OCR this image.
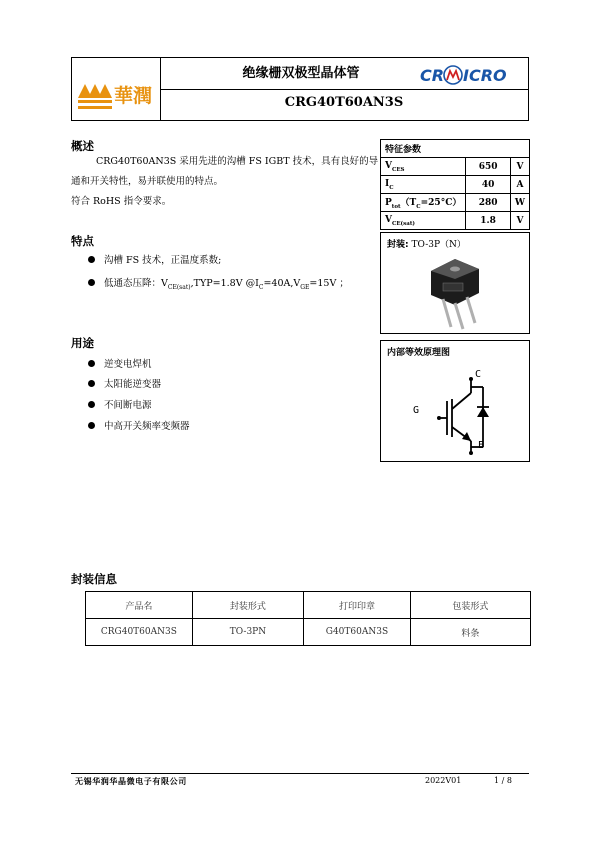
華潤
绝缘栅双极型晶体管	CR ICRO
CRG40T60AN3S
概述
CRG40T60AN3S 采用先进的沟槽 FS IGBT 技术，具有良好的导
通和开关特性，易并联使用的特点。
符合 RoHS 指令要求。
特点
沟槽 FS 技术，正温度系数;
低通态压降：$V_{CE(sat)},TYP=1.8V$ $@I_C=40A,V_{GE}=15V$ ；
用途
逆变电焊机
太阳能逆变器
不间断电源
中高开关频率变频器
特征参数		
$V_{CES}$	650	V
$I_C$	40	A
$P_{tot}(T_C=25^\circ C)$	280	W
$V_{CE(sat)}$	1.8	V
封装: TO-3P（N）
内部等效原理图
C
G
E
封装信息
产品名	封装形式	打印印章	包装形式
CRG40T60AN3S	TO-3PN	G40T60AN3S	料条
无锡华润华晶微电子有限公司	2022V01	1 / 8
